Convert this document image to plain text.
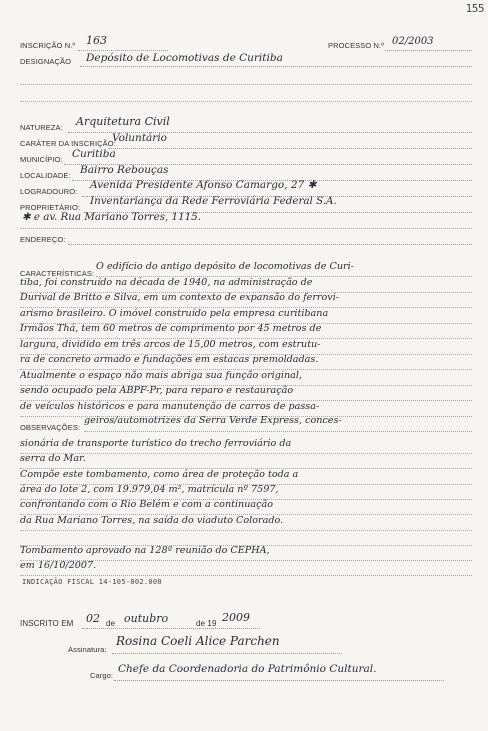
155
INSCRIÇÃO N.º 163	PROCESSO N.º 02/2003
DESIGNAÇÃO Depósito de Locomotivas de Curitiba
NATUREZA: Arquitetura Civil
CARÁTER DA INSCRIÇÃO:
Voluntário
MUNICÍPIO: Curitiba
LOCALIDADE: Bairro Rebouças
LOGRADOURO:
Avenida Presidente Afonso Camargo, 27 ✱
PROPRIETÁRIO:
Inventariança da Rede Ferroviária Federal S.A.
✱ e av. Rua Mariano Torres, 1115.
ENDEREÇO:
CARACTERÍSTICAS:
O edifício do antigo depósito de locomotivas de Curi-
tiba, foi construído na década de 1940, na administração de
Durival de Britto e Silva, em um contexto de expansão do ferrovi-
arismo brasileiro. O imóvel construído pela empresa curitibana
Irmãos Thá, tem 60 metros de comprimento por 45 metros de
largura, dividido em três arcos de 15,00 metros, com estrutu-
ra de concreto armado e fundações em estacas premoldadas.
Atualmente o espaço não mais abriga sua função original,
sendo ocupado pela ABPF-Pr, para reparo e restauração
de veículos históricos e para manutenção de carros de passa-
OBSERVAÇÕES:
geiros/automotrizes da Serra Verde Express, conces-
sionária de transporte turístico do trecho ferroviário da
serra do Mar.
Compõe este tombamento, como área de proteção toda a
área do lote 2, com 19.979,04 m², matrícula nº 7597,
confrontando com o Rio Belém e com a continuação
da Rua Mariano Torres, na saída do viaduto Colorado.
Tombamento aprovado na 128ª reunião do CEPHA,
em 16/10/2007.
INDICAÇÃO FISCAL 14-105-002.000
INSCRITO EM 02 de outubro	de 19 2009
Assinatura:
Rosina Coeli Alice Parchen
Cargo:
Chefe da Coordenadoria do Patrimônio Cultural.
